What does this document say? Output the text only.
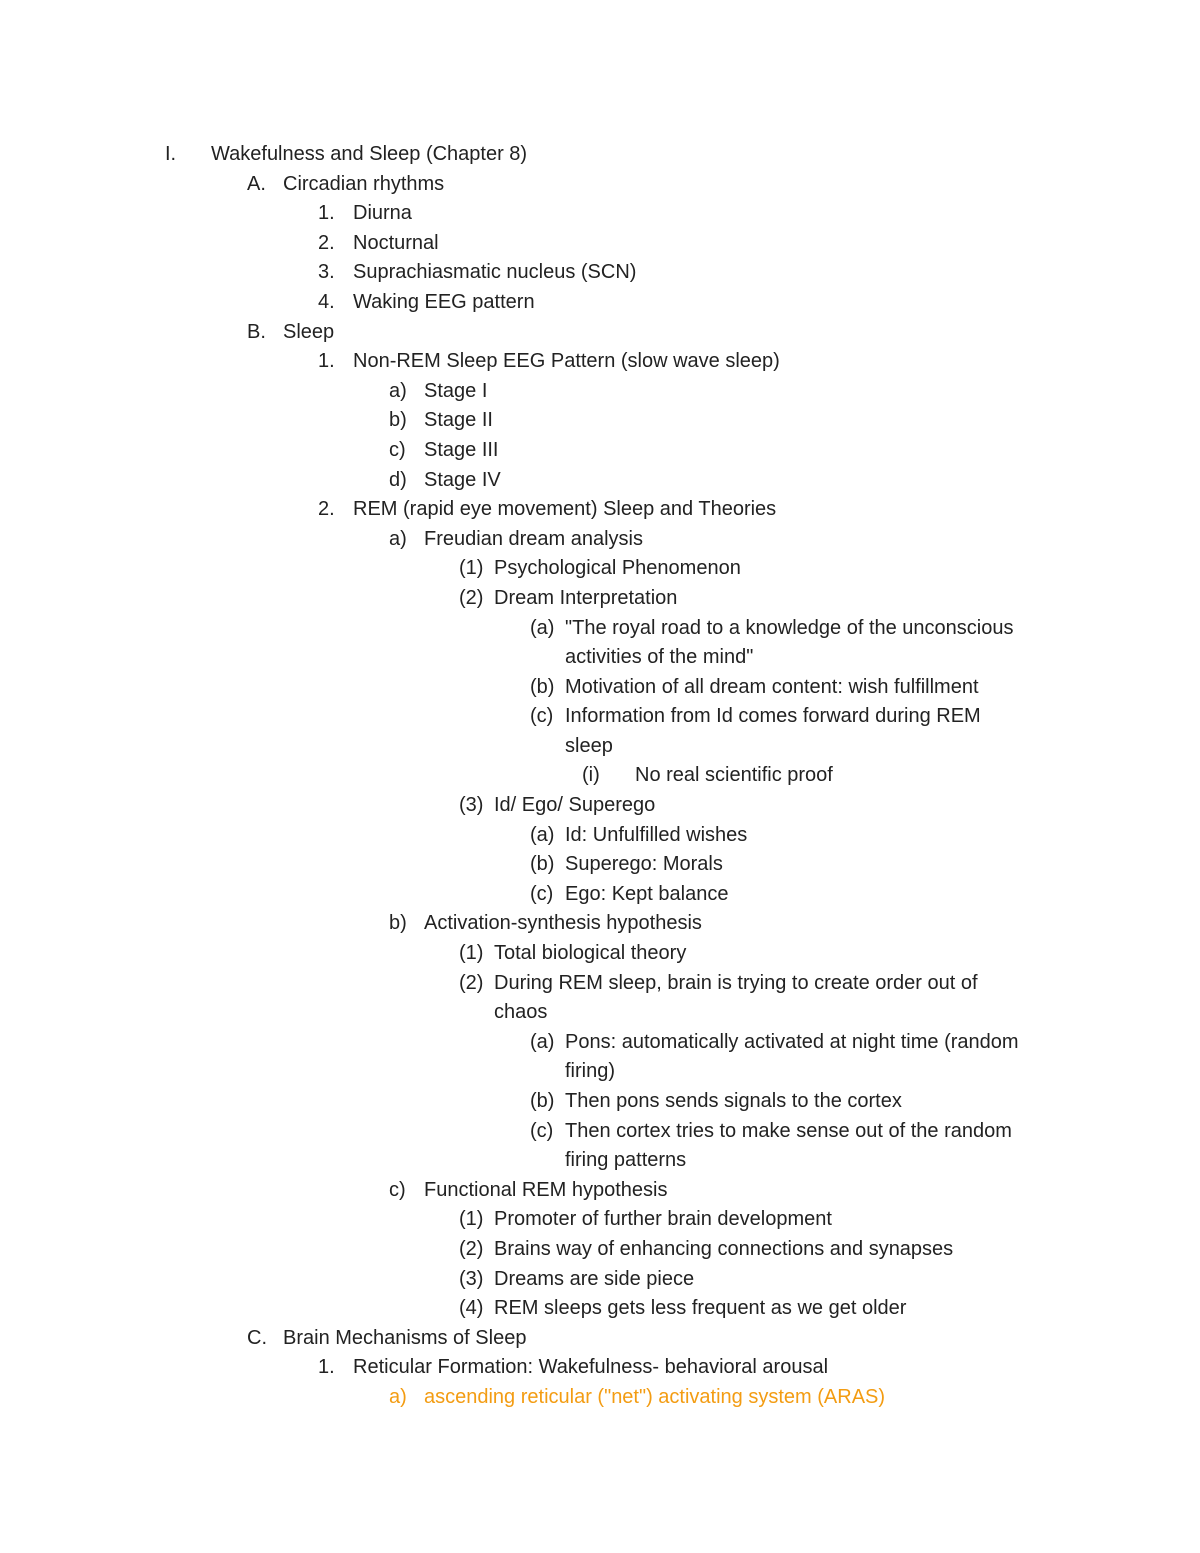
I. Wakefulness and Sleep (Chapter 8)
A. Circadian rhythms
1. Diurna
2. Nocturnal
3. Suprachiasmatic nucleus (SCN)
4. Waking EEG pattern
B. Sleep
1. Non-REM Sleep EEG Pattern (slow wave sleep)
a) Stage I
b) Stage II
c) Stage III
d) Stage IV
2. REM (rapid eye movement) Sleep and Theories
a) Freudian dream analysis
(1) Psychological Phenomenon
(2) Dream Interpretation
(a) "The royal road to a knowledge of the unconscious
activities of the mind"
(b) Motivation of all dream content: wish fulfillment
(c) Information from Id comes forward during REM
sleep
(i) No real scientific proof
(3) Id/ Ego/ Superego
(a) Id: Unfulfilled wishes
(b) Superego: Morals
(c) Ego: Kept balance
b) Activation-synthesis hypothesis
(1) Total biological theory
(2) During REM sleep, brain is trying to create order out of
chaos
(a) Pons: automatically activated at night time (random
firing)
(b) Then pons sends signals to the cortex
(c) Then cortex tries to make sense out of the random
firing patterns
c) Functional REM hypothesis
(1) Promoter of further brain development
(2) Brains way of enhancing connections and synapses
(3) Dreams are side piece
(4) REM sleeps gets less frequent as we get older
C. Brain Mechanisms of Sleep
1. Reticular Formation: Wakefulness- behavioral arousal
a) ascending reticular ("net") activating system (ARAS)
